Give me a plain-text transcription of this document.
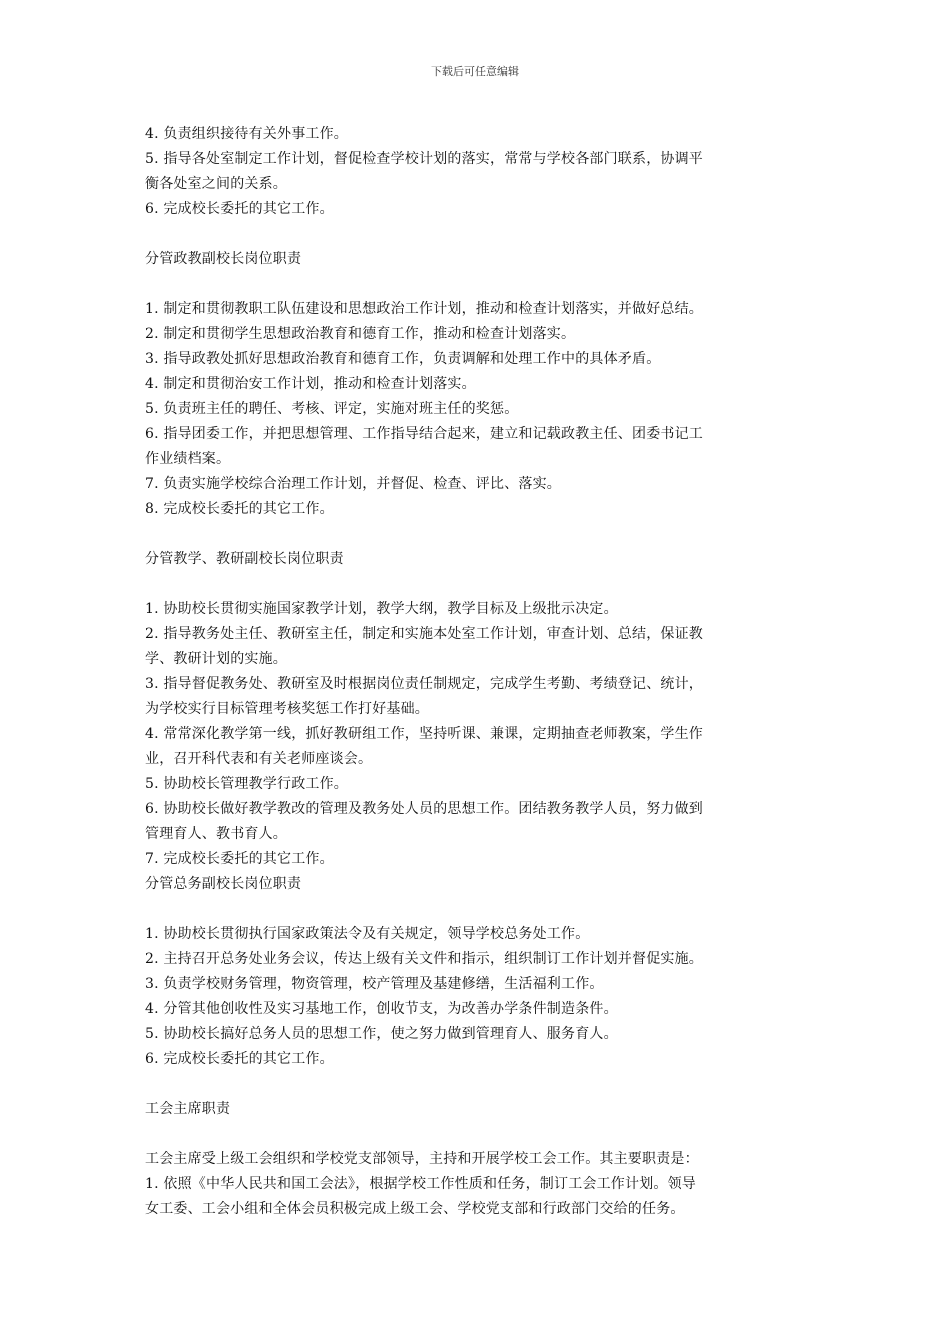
下载后可任意编辑

4. 负责组织接待有关外事工作。

5. 指导各处室制定工作计划，督促检查学校计划的落实，常常与学校各部门联系，协调平

衡各处室之间的关系。

6. 完成校长委托的其它工作。

分管政教副校长岗位职责

1. 制定和贯彻教职工队伍建设和思想政治工作计划，推动和检查计划落实，并做好总结。

2. 制定和贯彻学生思想政治教育和德育工作，推动和检查计划落实。

3. 指导政教处抓好思想政治教育和德育工作，负责调解和处理工作中的具体矛盾。

4. 制定和贯彻治安工作计划，推动和检查计划落实。

5. 负责班主任的聘任、考核、评定，实施对班主任的奖惩。

6. 指导团委工作，并把思想管理、工作指导结合起来，建立和记载政教主任、团委书记工

作业绩档案。

7. 负责实施学校综合治理工作计划，并督促、检查、评比、落实。

8. 完成校长委托的其它工作。

分管教学、教研副校长岗位职责

1. 协助校长贯彻实施国家教学计划，教学大纲，教学目标及上级批示决定。

2. 指导教务处主任、教研室主任，制定和实施本处室工作计划，审查计划、总结，保证教

学、教研计划的实施。

3. 指导督促教务处、教研室及时根据岗位责任制规定，完成学生考勤、考绩登记、统计，

为学校实行目标管理考核奖惩工作打好基础。

4. 常常深化教学第一线，抓好教研组工作，坚持听课、兼课，定期抽查老师教案，学生作

业，召开科代表和有关老师座谈会。

5. 协助校长管理教学行政工作。

6. 协助校长做好教学教改的管理及教务处人员的思想工作。团结教务教学人员，努力做到

管理育人、教书育人。

7. 完成校长委托的其它工作。

分管总务副校长岗位职责

1. 协助校长贯彻执行国家政策法令及有关规定，领导学校总务处工作。

2. 主持召开总务处业务会议，传达上级有关文件和指示，组织制订工作计划并督促实施。

3. 负责学校财务管理，物资管理，校产管理及基建修缮，生活福利工作。

4. 分管其他创收性及实习基地工作，创收节支，为改善办学条件制造条件。

5. 协助校长搞好总务人员的思想工作，使之努力做到管理育人、服务育人。

6. 完成校长委托的其它工作。

工会主席职责

工会主席受上级工会组织和学校党支部领导，主持和开展学校工会工作。其主要职责是：

1. 依照《中华人民共和国工会法》，根据学校工作性质和任务，制订工会工作计划。领导

女工委、工会小组和全体会员积极完成上级工会、学校党支部和行政部门交给的任务。
